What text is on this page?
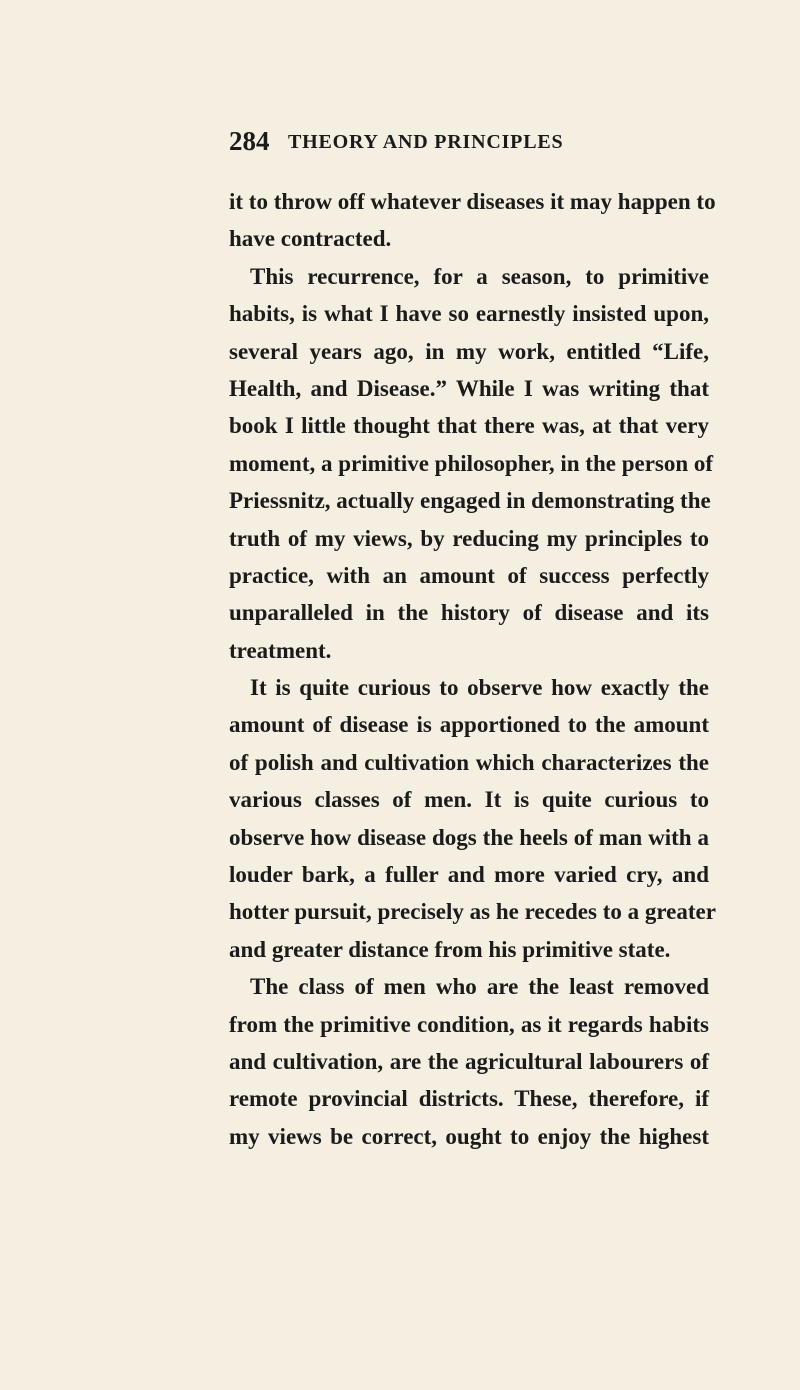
284 THEORY AND PRINCIPLES
it to throw off whatever diseases it may happen to
have contracted.
This recurrence, for a season, to primitive
habits, is what I have so earnestly insisted upon,
several years ago, in my work, entitled “Life,
Health, and Disease.” While I was writing that
book I little thought that there was, at that very
moment, a primitive philosopher, in the person of
Priessnitz, actually engaged in demonstrating the
truth of my views, by reducing my principles to
practice, with an amount of success perfectly
unparalleled in the history of disease and its
treatment.
It is quite curious to observe how exactly the
amount of disease is apportioned to the amount
of polish and cultivation which characterizes the
various classes of men. It is quite curious to
observe how disease dogs the heels of man with a
louder bark, a fuller and more varied cry, and
hotter pursuit, precisely as he recedes to a greater
and greater distance from his primitive state.
The class of men who are the least removed
from the primitive condition, as it regards habits
and cultivation, are the agricultural labourers of
remote provincial districts. These, therefore, if
my views be correct, ought to enjoy the highest
